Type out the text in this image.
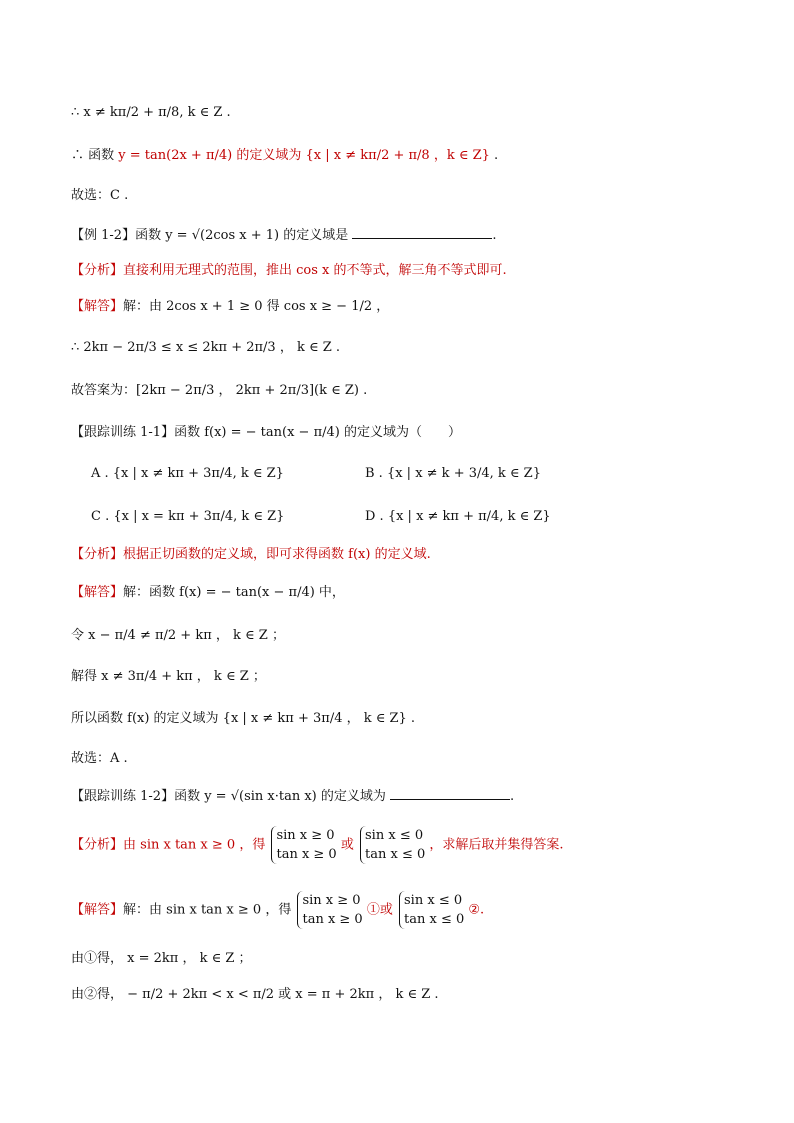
∴ x ≠ kπ/2 + π/8, k ∈ Z .
∴ 函数 y = tan(2x + π/4) 的定义域为 {x | x ≠ kπ/2 + π/8 ，k ∈ Z} .
故选：C .
【例 1-2】函数 y = √(2cos x + 1) 的定义域是	.
【分析】直接利用无理式的范围，推出 cos x 的不等式，解三角不等式即可.
【解答】解：由 2cos x + 1 ≥ 0 得 cos x ≥ − 1/2 ，
∴ 2kπ − 2π/3 ≤ x ≤ 2kπ + 2π/3 ， k ∈ Z .
故答案为：[2kπ − 2π/3 ， 2kπ + 2π/3](k ∈ Z) .
【跟踪训练 1-1】函数 f(x) = − tan(x − π/4) 的定义域为（　　）
A . {x | x ≠ kπ + 3π/4, k ∈ Z}	B . {x | x ≠ k + 3/4, k ∈ Z}
C . {x | x = kπ + 3π/4, k ∈ Z}	D . {x | x ≠ kπ + π/4, k ∈ Z}
【分析】根据正切函数的定义域，即可求得函数 f(x) 的定义域.
【解答】解：函数 f(x) = − tan(x − π/4) 中，
令 x − π/4 ≠ π/2 + kπ ， k ∈ Z ；
解得 x ≠ 3π/4 + kπ ， k ∈ Z ；
所以函数 f(x) 的定义域为 {x | x ≠ kπ + 3π/4 ， k ∈ Z} .
故选：A .
【跟踪训练 1-2】函数 y = √(sin x·tan x) 的定义域为	.
【分析】由 sin x tan x ≥ 0 ，得
sin x ≥ 0
tan x ≥ 0
或
sin x ≤ 0
tan x ≤ 0
，求解后取并集得答案.
【解答】解：由 sin x tan x ≥ 0 ，得
sin x ≥ 0
tan x ≥ 0
①或
sin x ≤ 0
tan x ≤ 0
②.
由①得， x = 2kπ ， k ∈ Z ；
由②得， − π/2 + 2kπ < x < π/2 或 x = π + 2kπ ， k ∈ Z .
